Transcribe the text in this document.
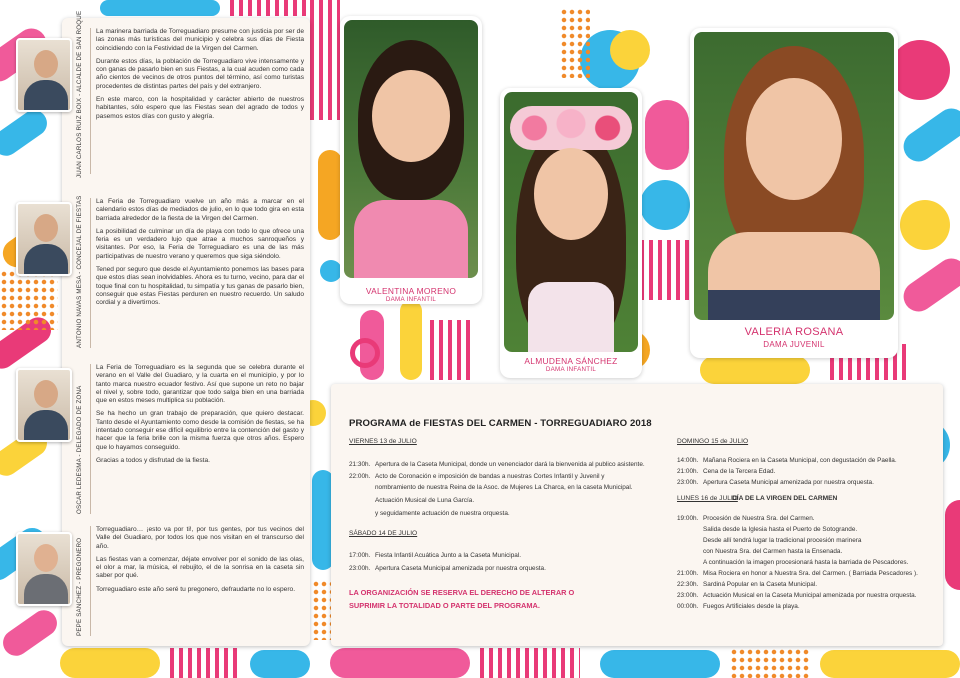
JUAN CARLOS RUIZ BOIX - ALCALDE DE SAN ROQUE	La marinera barriada de Torreguadiaro presume con justicia por ser de las zonas más turísticas del municipio y celebra sus días de Fiesta coincidiendo con la Festividad de la Virgen del Carmen.

Durante estos días, la población de Torreguadiaro vive intensamente y con ganas de pasarlo bien en sus Fiestas, a la cual acuden como cada año cientos de vecinos de otros puntos del término, así como turistas procedentes de distintas partes del país y del extranjero.

En este marco, con la hospitalidad y carácter abierto de nuestros habitantes, sólo espero que las Fiestas sean del agrado de todos y pasemos estos días con gusto y alegría.

ANTONIO NAVAS MESA - CONCEJAL DE FIESTAS	La Feria de Torreguadiaro vuelve un año más a marcar en el calendario estos días de mediados de julio, en lo que todo gira en esta barriada alrededor de la fiesta de la Virgen del Carmen.

La posibilidad de culminar un día de playa con todo lo que ofrece una feria es un verdadero lujo que atrae a muchos sanroqueños y visitantes. Por eso, la Feria de Torreguadiaro es una de las más participativas de nuestro verano y queremos que siga siéndolo.

Tened por seguro que desde el Ayuntamiento ponemos las bases para que estos días sean inolvidables. Ahora es tu turno, vecino, para dar el toque final con tu hospitalidad, tu simpatía y tus ganas de pasarlo bien, conseguir que estas Fiestas perduren en nuestro recuerdo. Un saludo cordial y a divertirnos.

OSCAR LEDESMA - DELEGADO DE ZONA

La Feria de Torreguadiaro es la segunda que se celebra durante el verano en el Valle del Guadiaro, y la cuarta en el municipio, y por lo tanto marca nuestro ecuador festivo. Así que supone un reto no bajar el nivel y, sobre todo, garantizar que todo salga bien en una barriada que en estos meses multiplica su población.

Se ha hecho un gran trabajo de preparación, que quiero destacar. Tanto desde el Ayuntamiento como desde la comisión de fiestas, se ha intentado conseguir ese difícil equilibrio entre la contención del gasto y hacer que la feria brille con la misma fuerza que otros años. Espero que lo hayamos conseguido.

Gracias a todos y disfrutad de la fiesta.

PEPE SÁNCHEZ - PREGONERO

Torreguadiaro… ¡esto va por ti!, por tus gentes, por tus vecinos del Valle del Guadiaro, por todos los que nos visitan en el transcurso del año.

Las fiestas van a comenzar, déjate envolver por el sonido de las olas, el olor a mar, la música, el rebujito, el de la sonrisa en la caseta sin saber por qué.

Torreguadiaro este año seré tu pregonero, defraudarte no lo espero.

VALENTINA MORENO
DAMA INFANTIL
ALMUDENA SÁNCHEZ
DAMA INFANTIL
VALERIA ROSANA
DAMA JUVENIL
PROGRAMA de FIESTAS DEL CARMEN - TORREGUADIARO 2018
VIERNES 13 de JULIO
21:30h. Apertura de la Caseta Municipal, donde un venenciador dará la bienvenida al publico asistente.
22:00h. Acto de Coronación e imposición de bandas a nuestras Cortes Infantil y Juvenil y
nombramiento de nuestra Reina de la Asoc. de Mujeres La Charca, en la caseta Municipal.
Actuación Musical de Luna García.
y seguidamente actuación de nuestra orquesta.
SÁBADO 14 DE JULIO
17:00h. Fiesta Infantil Acuática Junto a la Caseta Municipal.
23:00h. Apertura Caseta Municipal amenizada por nuestra orquesta.
LA ORGANIZACIÓN SE RESERVA EL DERECHO DE ALTERAR O
SUPRIMIR LA TOTALIDAD O PARTE DEL PROGRAMA.
DOMINGO 15 de JULIO
14:00h. Mañana Rociera en la Caseta Municipal, con degustación de Paella.
21:00h. Cena de la Tercera Edad.
23:00h. Apertura Caseta Municipal amenizada por nuestra orquesta.
LUNES 16 de JULIO
DÍA DE LA VIRGEN DEL CARMEN
19:00h. Procesión de Nuestra Sra. del Carmen.
Salida desde la Iglesia hasta el Puerto de Sotogrande.
Desde allí tendrá lugar la tradicional procesión marinera
con Nuestra Sra. del Carmen hasta la Ensenada.
A continuación la imagen procesionará hasta la barriada de Pescadores.
21:00h. Misa Rociera en honor a Nuestra Sra. del Carmen. ( Barriada Pescadores ).
22:30h. Sardiná Popular en la Caseta Municipal.
23:00h. Actuación Musical en la Caseta Municipal amenizada por nuestra orquesta.
00:00h. Fuegos Artificiales desde la playa.
